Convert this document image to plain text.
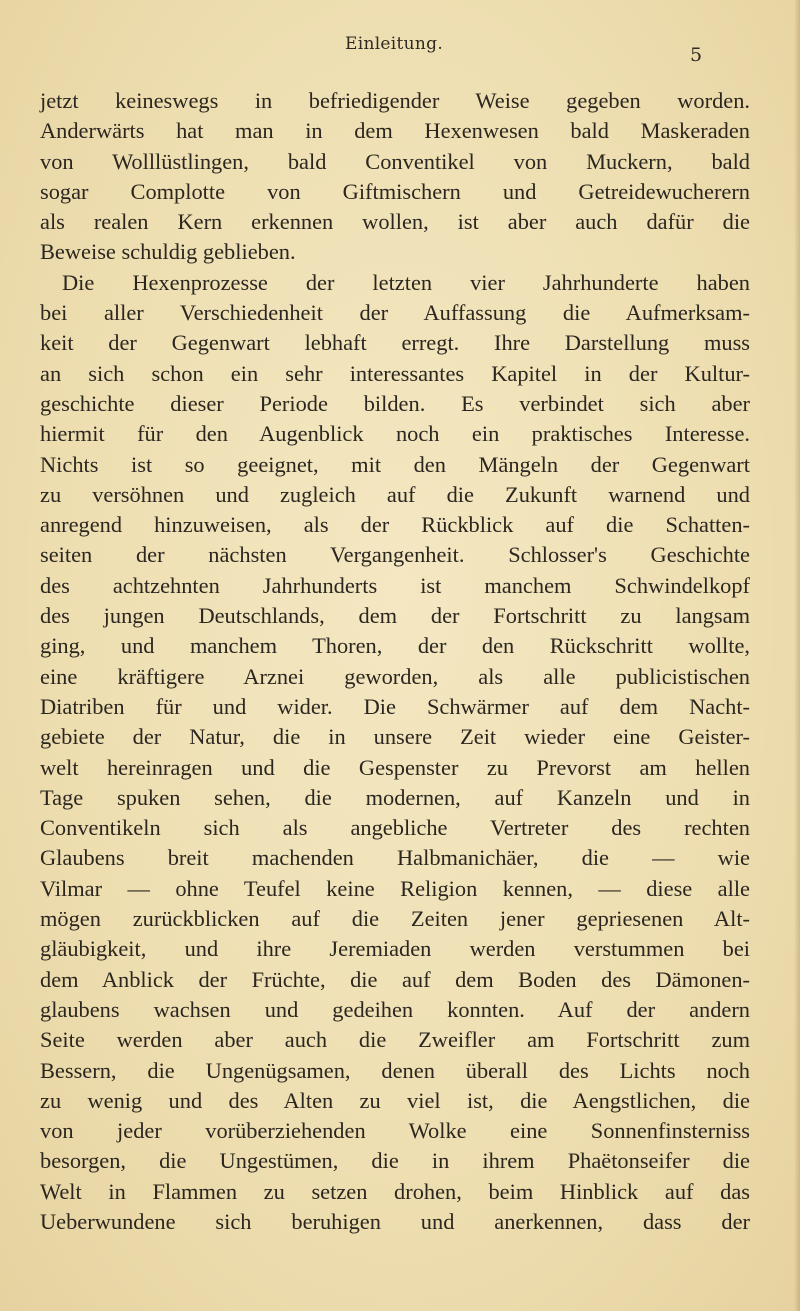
Einleitung.	5
jetzt keineswegs in befriedigender Weise gegeben worden.
Anderwärts hat man in dem Hexenwesen bald Maskeraden
von Wolllüstlingen, bald Conventikel von Muckern, bald
sogar Complotte von Giftmischern und Getreidewucherern
als realen Kern erkennen wollen, ist aber auch dafür die
Beweise schuldig geblieben.
Die Hexenprozesse der letzten vier Jahrhunderte haben
bei aller Verschiedenheit der Auffassung die Aufmerksam-
keit der Gegenwart lebhaft erregt. Ihre Darstellung muss
an sich schon ein sehr interessantes Kapitel in der Kultur-
geschichte dieser Periode bilden. Es verbindet sich aber
hiermit für den Augenblick noch ein praktisches Interesse.
Nichts ist so geeignet, mit den Mängeln der Gegenwart
zu versöhnen und zugleich auf die Zukunft warnend und
anregend hinzuweisen, als der Rückblick auf die Schatten-
seiten der nächsten Vergangenheit. Schlosser's Geschichte
des achtzehnten Jahrhunderts ist manchem Schwindelkopf
des jungen Deutschlands, dem der Fortschritt zu langsam
ging, und manchem Thoren, der den Rückschritt wollte,
eine kräftigere Arznei geworden, als alle publicistischen
Diatriben für und wider. Die Schwärmer auf dem Nacht-
gebiete der Natur, die in unsere Zeit wieder eine Geister-
welt hereinragen und die Gespenster zu Prevorst am hellen
Tage spuken sehen, die modernen, auf Kanzeln und in
Conventikeln sich als angebliche Vertreter des rechten
Glaubens breit machenden Halbmanichäer, die — wie
Vilmar — ohne Teufel keine Religion kennen, — diese alle
mögen zurückblicken auf die Zeiten jener gepriesenen Alt-
gläubigkeit, und ihre Jeremiaden werden verstummen bei
dem Anblick der Früchte, die auf dem Boden des Dämonen-
glaubens wachsen und gedeihen konnten. Auf der andern
Seite werden aber auch die Zweifler am Fortschritt zum
Bessern, die Ungenügsamen, denen überall des Lichts noch
zu wenig und des Alten zu viel ist, die Aengstlichen, die
von jeder vorüberziehenden Wolke eine Sonnenfinsterniss
besorgen, die Ungestümen, die in ihrem Phaëtonseifer die
Welt in Flammen zu setzen drohen, beim Hinblick auf das
Ueberwundene sich beruhigen und anerkennen, dass der
